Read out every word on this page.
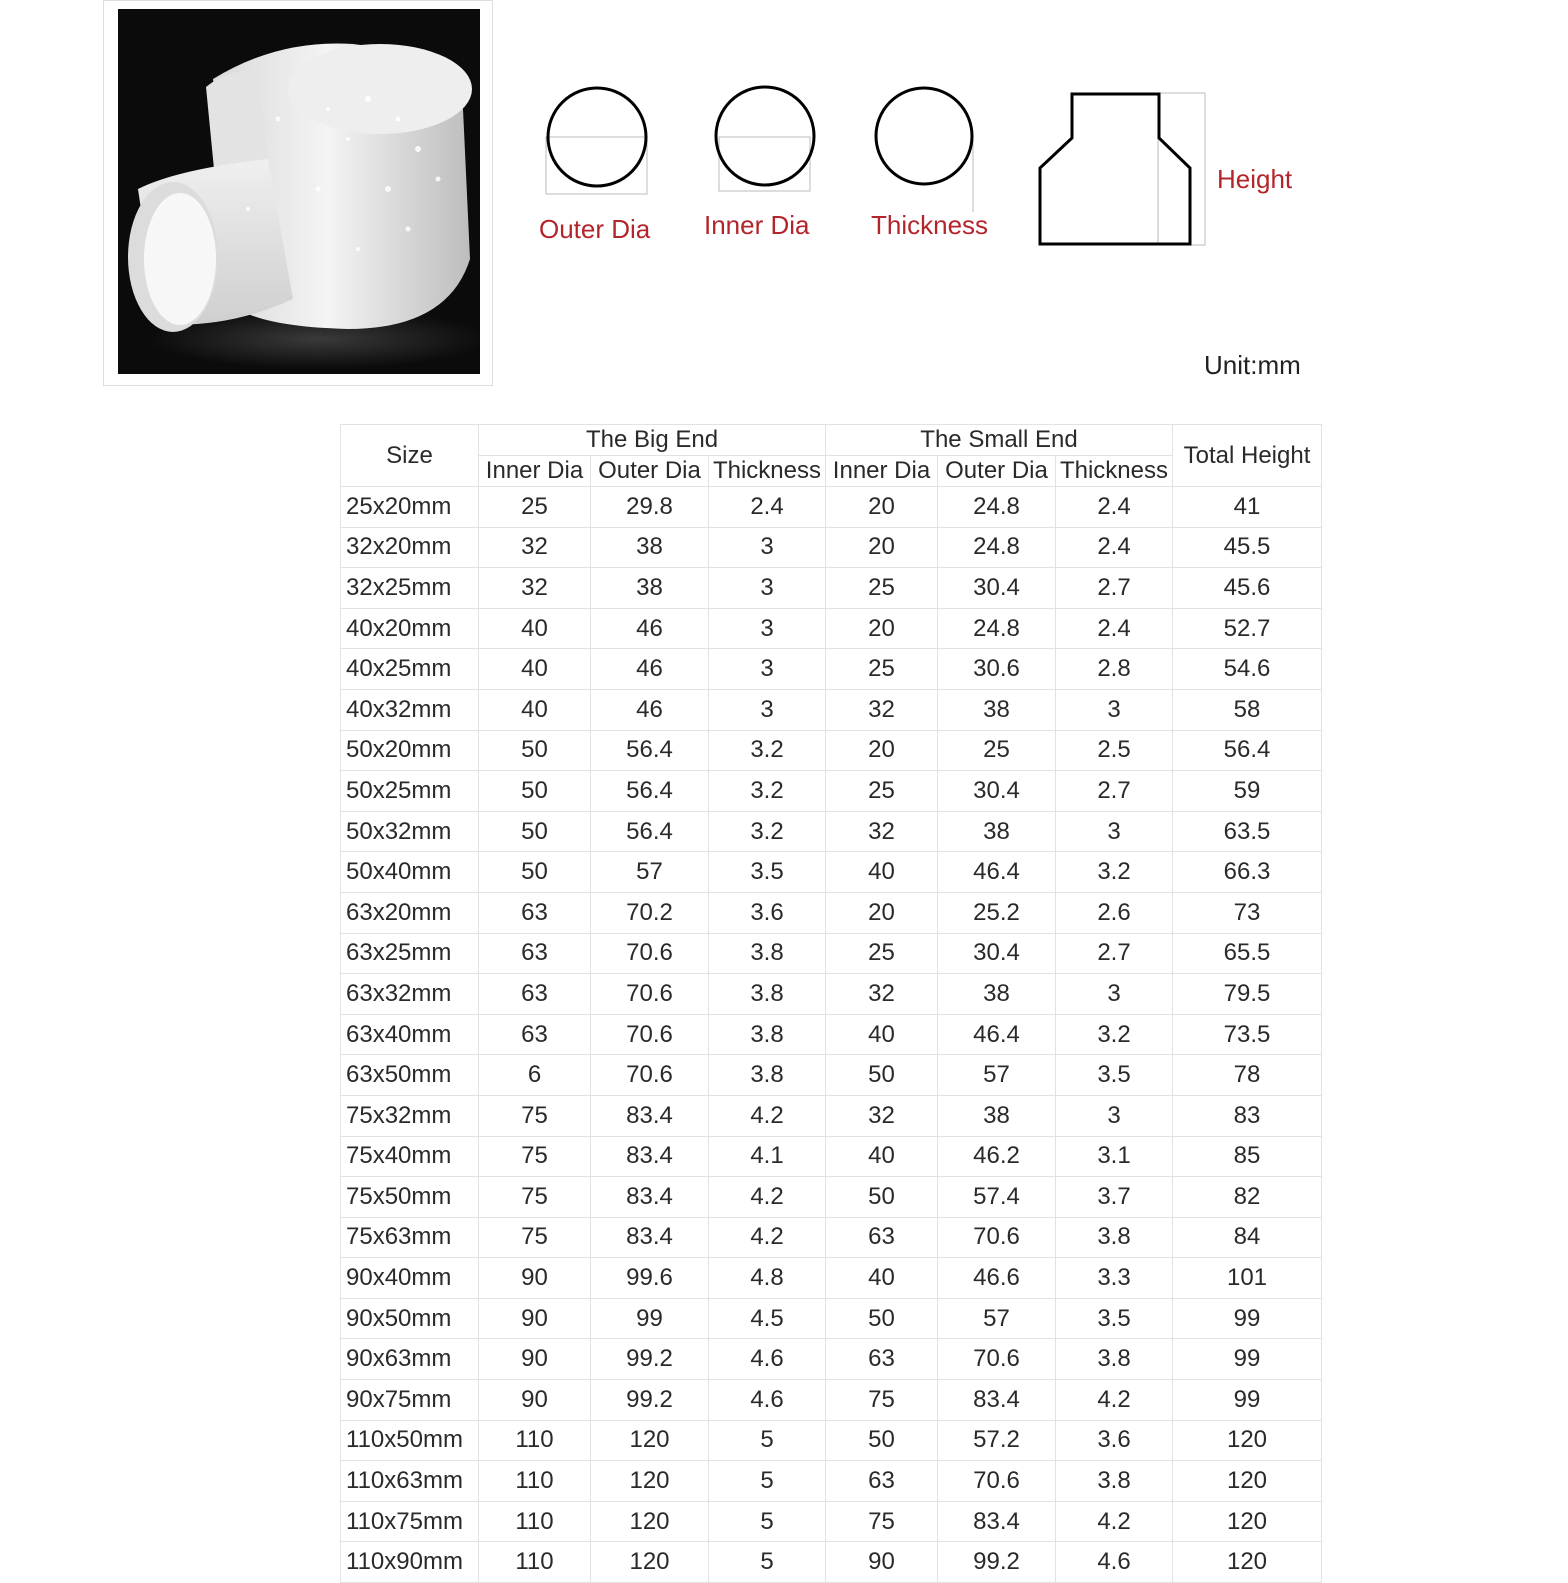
Outer Dia Inner Dia Thickness
Height
Unit:mm
Size	The Big End			The Small End			Total Height
	Inner Dia	Outer Dia	Thickness	Inner Dia	Outer Dia	Thickness	
25x20mm	25	29.8	2.4	20	24.8	2.4	41
32x20mm	32	38	3	20	24.8	2.4	45.5
32x25mm	32	38	3	25	30.4	2.7	45.6
40x20mm	40	46	3	20	24.8	2.4	52.7
40x25mm	40	46	3	25	30.6	2.8	54.6
40x32mm	40	46	3	32	38	3	58
50x20mm	50	56.4	3.2	20	25	2.5	56.4
50x25mm	50	56.4	3.2	25	30.4	2.7	59
50x32mm	50	56.4	3.2	32	38	3	63.5
50x40mm	50	57	3.5	40	46.4	3.2	66.3
63x20mm	63	70.2	3.6	20	25.2	2.6	73
63x25mm	63	70.6	3.8	25	30.4	2.7	65.5
63x32mm	63	70.6	3.8	32	38	3	79.5
63x40mm	63	70.6	3.8	40	46.4	3.2	73.5
63x50mm	6	70.6	3.8	50	57	3.5	78
75x32mm	75	83.4	4.2	32	38	3	83
75x40mm	75	83.4	4.1	40	46.2	3.1	85
75x50mm	75	83.4	4.2	50	57.4	3.7	82
75x63mm	75	83.4	4.2	63	70.6	3.8	84
90x40mm	90	99.6	4.8	40	46.6	3.3	101
90x50mm	90	99	4.5	50	57	3.5	99
90x63mm	90	99.2	4.6	63	70.6	3.8	99
90x75mm	90	99.2	4.6	75	83.4	4.2	99
110x50mm	110	120	5	50	57.2	3.6	120
110x63mm	110	120	5	63	70.6	3.8	120
110x75mm	110	120	5	75	83.4	4.2	120
110x90mm	110	120	5	90	99.2	4.6	120
